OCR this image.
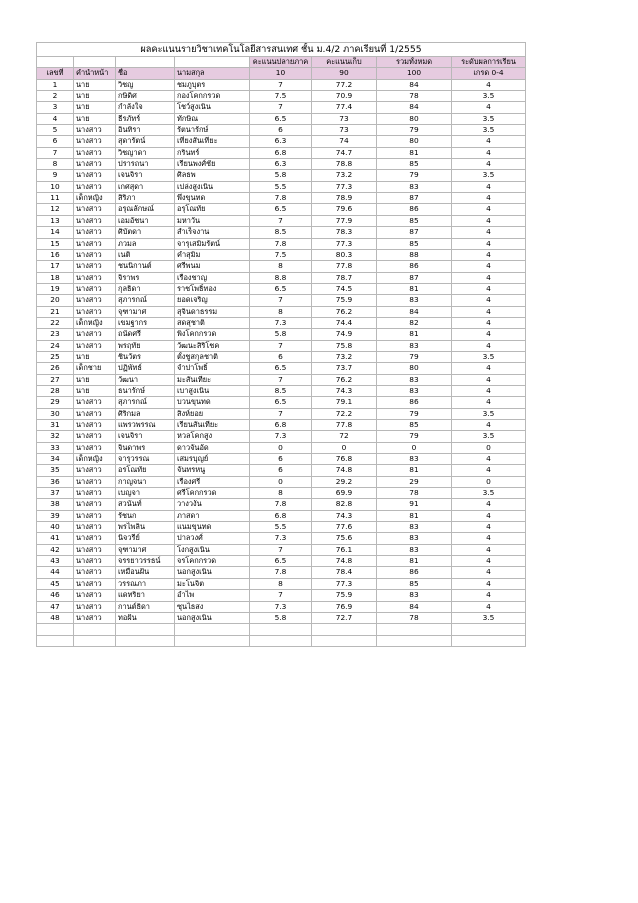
ผลคะแนนรายวิชาเทคโนโลยีสารสนเทศ ชั้น ม.4/2 ภาคเรียนที่ 1/2555							
				คะแนนปลายภาค	คะแนนเก็บ	รวมทั้งหมด	ระดับผลการเรียน
เลขที่	คำนำหน้า	ชื่อ	นามสกุล	10	90	100	เกรด 0-4
1	นาย	วิชญ	ชมภูบุตร	7	77.2	84	4
2	นาย	กษิดิศ	กองโคกกรวด	7.5	70.9	78	3.5
3	นาย	กำลังใจ	โชว์สูงเนิน	7	77.4	84	4
4	นาย	ธีรภัทร์	ทักษิณ	6.5	73	80	3.5
5	นางสาว	อินทิรา	รัตนารักษ์	6	73	79	3.5
6	นางสาว	สุดารัตน์	เที่ยงสันเทียะ	6.3	74	80	4
7	นางสาว	วิชญาดา	กรินทร์	6.8	74.7	81	4
8	นางสาว	ปรารถนา	เรียนพงศ์ชัย	6.3	78.8	85	4
9	นางสาว	เจนจิรา	ศิลธพ	5.8	73.2	79	3.5
10	นางสาว	เกศสุดา	เปล่งสูงเนิน	5.5	77.3	83	4
11	เด็กหญิง	สิริภา	พึ่งขุนทด	7.8	78.9	87	4
12	นางสาว	อรุณลักษณ์	อรุโณทัย	6.5	79.6	86	4
13	นางสาว	เอมอัชนา	มหาวัน	7	77.9	85	4
14	นางสาว	ศิบัตดา	สำเร็จงาน	8.5	78.3	87	4
15	นางสาว	ภวมล	จารุเสมิมรัตน์	7.8	77.3	85	4
16	นางสาว	เนติ	คำสุมิม	7.5	80.3	88	4
17	นางสาว	ชนนิกานต์	ศรีพนม	8	77.8	86	4
18	นางสาว	จิราพร	เรืองชาญ	8.8	78.7	87	4
19	นางสาว	กุลธิดา	ราชโพธิ์ทอง	6.5	74.5	81	4
20	นางสาว	สุภารกณ์	ยอดเจริญ	7	75.9	83	4
21	นางสาว	จุฑามาศ	สุจินดาธรรม	8	76.2	84	4
22	เด็กหญิง	เขมฐากร	สดสุชาติ	7.3	74.4	82	4
23	นางสาว	ถนัดศรี	พิงโคกกรวด	5.8	74.9	81	4
24	นางสาว	พรฤทัย	วัฒนะสิริโชค	7	75.8	83	4
25	นาย	ชินวัตร	ตั้งชูสกุลชาติ	6	73.2	79	3.5
26	เด็กชาย	ปฏิพัทธ์	จำปาโพธิ์	6.5	73.7	80	4
27	นาย	วัฒนา	มะสันเทียะ	7	76.2	83	4
28	นาย	ธนารักษ์	เบาสูงเนิน	8.5	74.3	83	4
29	นางสาว	สุภารกณ์	บวนขุนทด	6.5	79.1	86	4
30	นางสาว	ศิริกมล	สิงห์ยอย	7	72.2	79	3.5
31	นางสาว	แพรวพรรณ	เรียนสันเทียะ	6.8	77.8	85	4
32	นางสาว	เจนจิรา	หวลโคกสูง	7.3	72	79	3.5
33	นางสาว	จินดาพร	ดาวจันอัด	0	0	0	0
34	เด็กหญิง	จารุวรรณ	เสมรบุญย์	6	76.8	83	4
35	นางสาว	อรโณทัย	จันทรหนู	6	74.8	81	4
36	นางสาว	กาญจนา	เรืองศรี	0	29.2	29	0
37	นางสาว	เบญจา	ศรีโคกกรวด	8	69.9	78	3.5
38	นางสาว	สวนันท์	วางวงัน	7.8	82.8	91	4
39	นางสาว	รัชนก	ภาสดา	6.8	74.3	81	4
40	นางสาว	พรไพลิน	แนมขุนทด	5.5	77.6	83	4
41	นางสาว	นิจวรีย์	ปาลวงศ์	7.3	75.6	83	4
42	นางสาว	จุฑามาศ	โงกสูงเนิน	7	76.1	83	4
43	นางสาว	จรรยาวรรธน์	จรโคกกรวด	6.5	74.8	81	4
44	นางสาว	เหมือนฝัน	นอกสูงเนิน	7.8	78.4	86	4
45	นางสาว	วรรณภา	มะโนจิต	8	77.3	85	4
46	นางสาว	แดทริยา	อำไพ	7	75.9	83	4
47	นางสาว	กานต์ธิดา	ซุนไธสง	7.3	76.9	84	4
48	นางสาว	ทอฝัน	นอกสูงเนิน	5.8	72.7	78	3.5
